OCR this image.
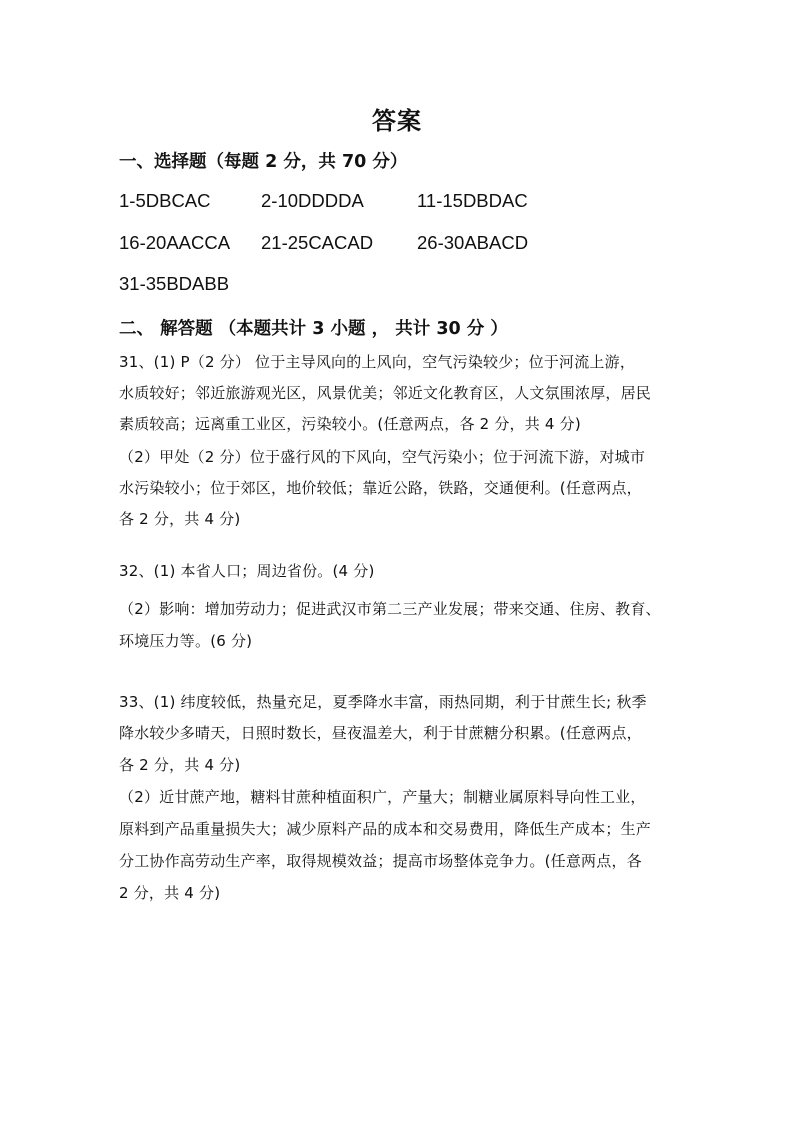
答案
一、选择题（每题 2 分，共 70 分）
1-5DBCAC	2-10DDDDA	11-15DBDAC
16-20AACCA 21-25CACAD 26-30ABACD
31-35BDABB
二、 解答题 （本题共计 3 小题 ， 共计 30 分 ）
31、(1) P（2 分） 位于主导风向的上风向，空气污染较少；位于河流上游，
水质较好；邻近旅游观光区，风景优美；邻近文化教育区，人文氛围浓厚，居民
素质较高；远离重工业区，污染较小。(任意两点，各 2 分，共 4 分)
（2）甲处（2 分）位于盛行风的下风向，空气污染小；位于河流下游，对城市
水污染较小；位于郊区，地价较低；靠近公路，铁路，交通便利。(任意两点，
各 2 分，共 4 分)
32、(1) 本省人口；周边省份。(4 分)
（2）影响：增加劳动力；促进武汉市第二三产业发展；带来交通、住房、教育、
环境压力等。(6 分)
33、(1) 纬度较低，热量充足，夏季降水丰富，雨热同期，利于甘蔗生长; 秋季
降水较少多晴天，日照时数长，昼夜温差大，利于甘蔗糖分积累。(任意两点，
各 2 分，共 4 分)
（2）近甘蔗产地，糖料甘蔗种植面积广，产量大；制糖业属原料导向性工业，
原料到产品重量损失大；减少原料产品的成本和交易费用，降低生产成本；生产
分工协作高劳动生产率，取得规模效益；提高市场整体竞争力。(任意两点，各
2 分，共 4 分)
